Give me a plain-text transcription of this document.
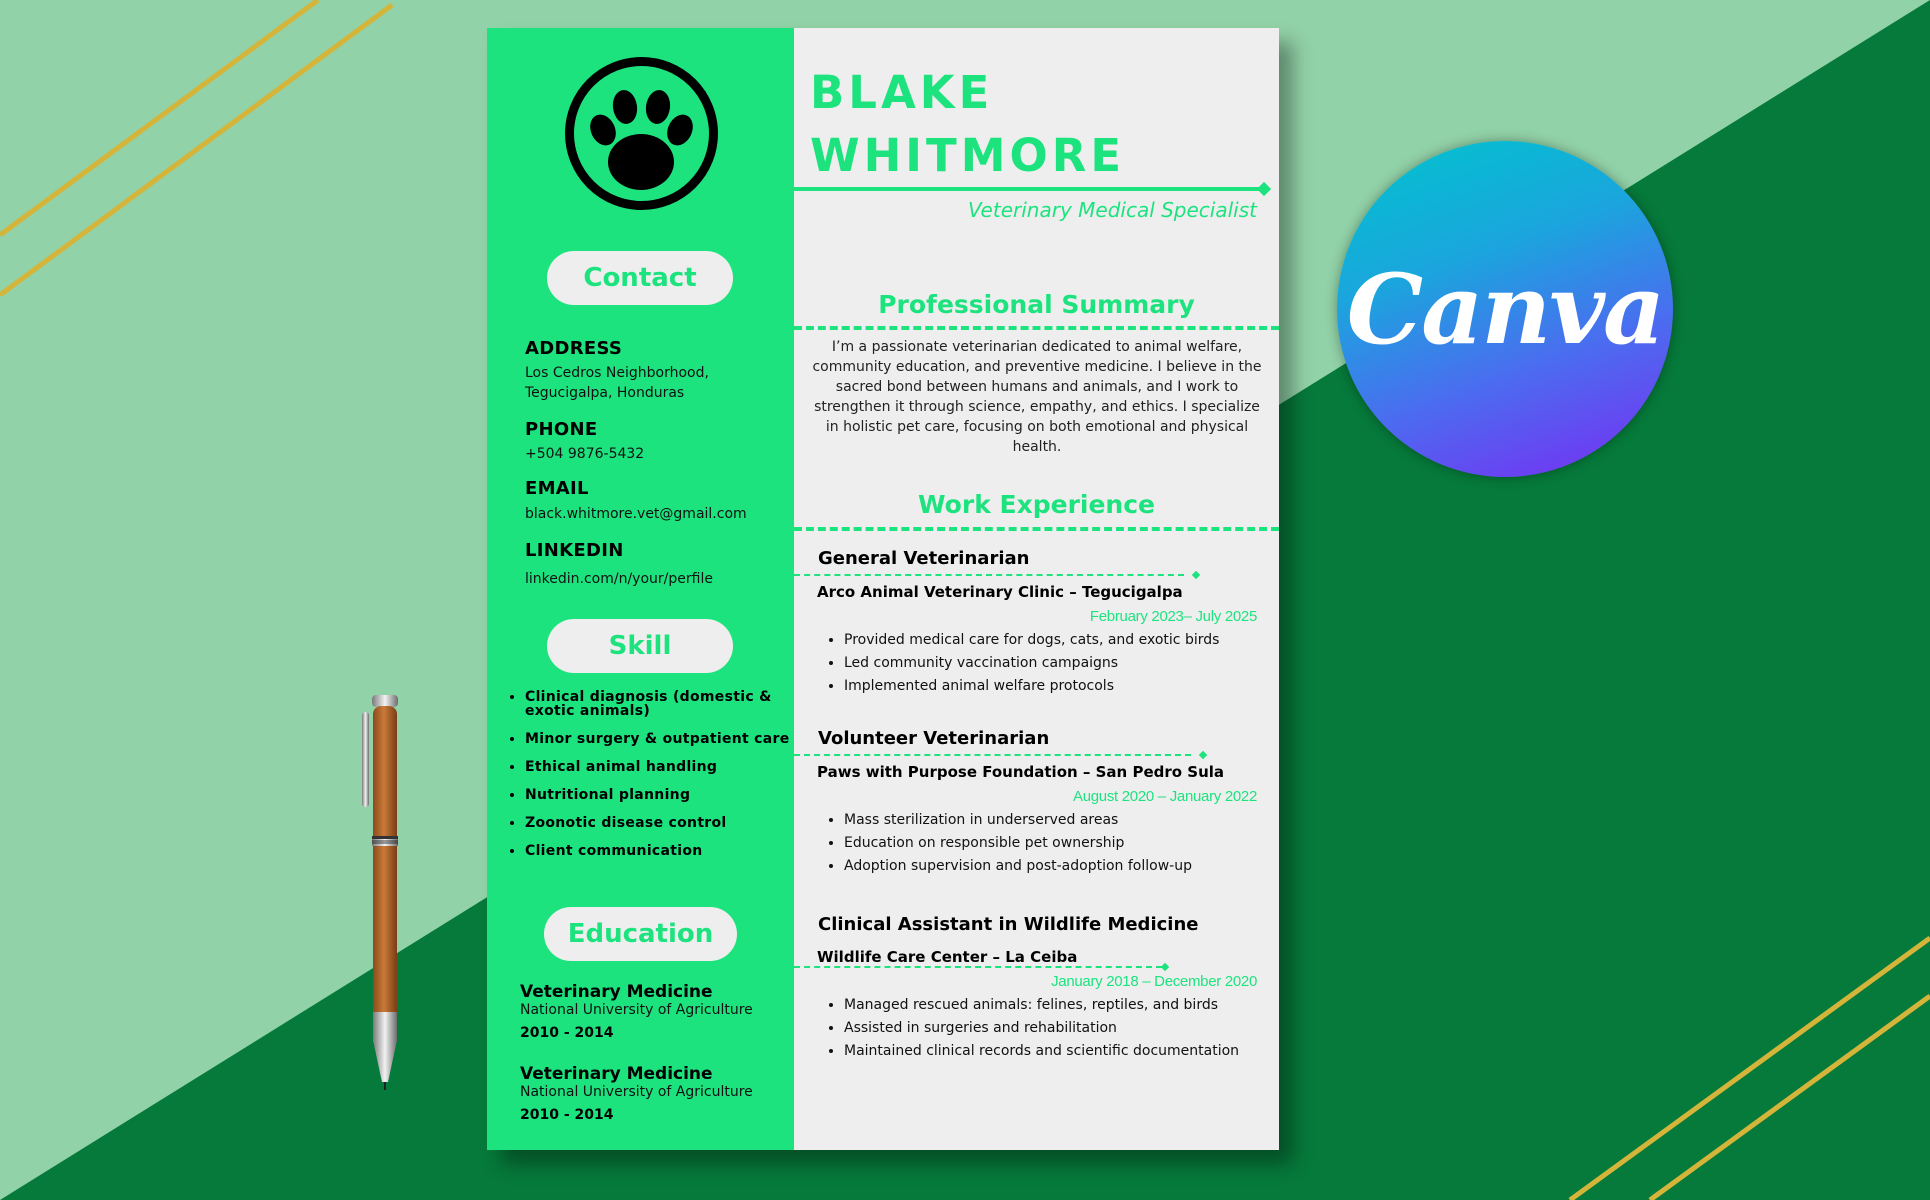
Contact
ADDRESS
Los Cedros Neighborhood,
Tegucigalpa, Honduras
PHONE
+504 9876-5432
EMAIL
black.whitmore.vet@gmail.com
LINKEDIN
linkedin.com/n/your/perfile
Skill
• Clinical diagnosis (domestic & exotic animals)
• Minor surgery & outpatient care
• Ethical animal handling
• Nutritional planning
• Zoonotic disease control
• Client communication
Education
Veterinary Medicine
National University of Agriculture
2010 - 2014
Veterinary Medicine
National University of Agriculture
2010 - 2014
BLAKE
WHITMORE
Veterinary Medical Specialist
Professional Summary
I’m a passionate veterinarian dedicated to animal welfare, community education, and preventive medicine. I believe in the sacred bond between humans and animals, and I work to strengthen it through science, empathy, and ethics. I specialize in holistic pet care, focusing on both emotional and physical health.
Work Experience
General Veterinarian
Arco Animal Veterinary Clinic – Tegucigalpa
February 2023– July 2025
• Provided medical care for dogs, cats, and exotic birds
• Led community vaccination campaigns
• Implemented animal welfare protocols
Volunteer Veterinarian
Paws with Purpose Foundation – San Pedro Sula
August 2020 – January 2022
• Mass sterilization in underserved areas
• Education on responsible pet ownership
• Adoption supervision and post-adoption follow-up
Clinical Assistant in Wildlife Medicine
Wildlife Care Center – La Ceiba
January 2018 – December 2020
• Managed rescued animals: felines, reptiles, and birds
• Assisted in surgeries and rehabilitation
• Maintained clinical records and scientific documentation
Canva
